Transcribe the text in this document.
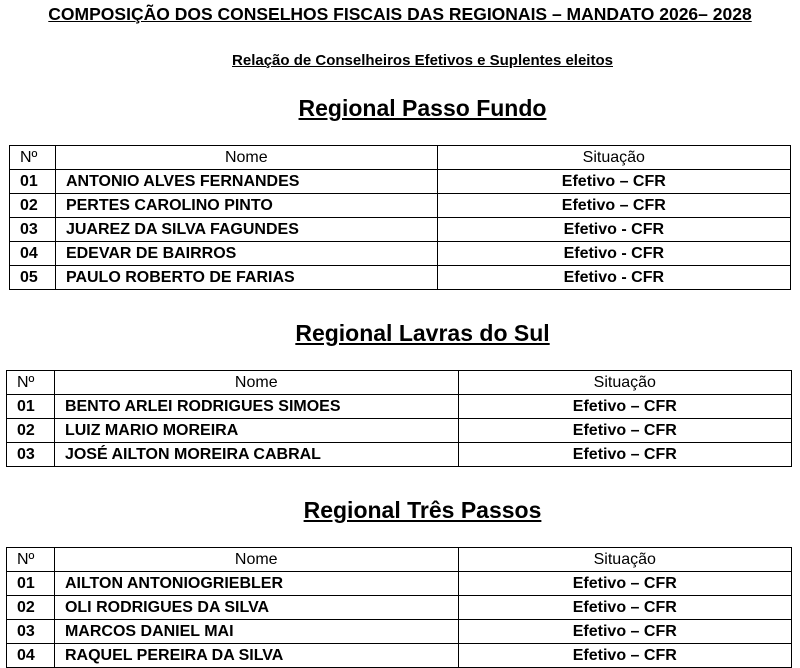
COMPOSIÇÃO DOS CONSELHOS FISCAIS DAS REGIONAIS – MANDATO 2026– 2028
Relação de Conselheiros Efetivos e Suplentes eleitos
Regional Passo Fundo
Nº	Nome	Situação
01	ANTONIO ALVES FERNANDES	Efetivo – CFR
02	PERTES CAROLINO PINTO	Efetivo – CFR
03	JUAREZ DA SILVA FAGUNDES	Efetivo - CFR
04	EDEVAR DE BAIRROS	Efetivo - CFR
05	PAULO ROBERTO DE FARIAS	Efetivo - CFR
Regional Lavras do Sul
Nº	Nome	Situação
01	BENTO ARLEI RODRIGUES SIMOES	Efetivo – CFR
02	LUIZ MARIO MOREIRA	Efetivo – CFR
03	JOSÉ AILTON MOREIRA CABRAL	Efetivo – CFR
Regional Três Passos
Nº	Nome	Situação
01	AILTON ANTONIOGRIEBLER	Efetivo – CFR
02	OLI RODRIGUES DA SILVA	Efetivo – CFR
03	MARCOS DANIEL MAI	Efetivo – CFR
04	RAQUEL PEREIRA DA SILVA	Efetivo – CFR
